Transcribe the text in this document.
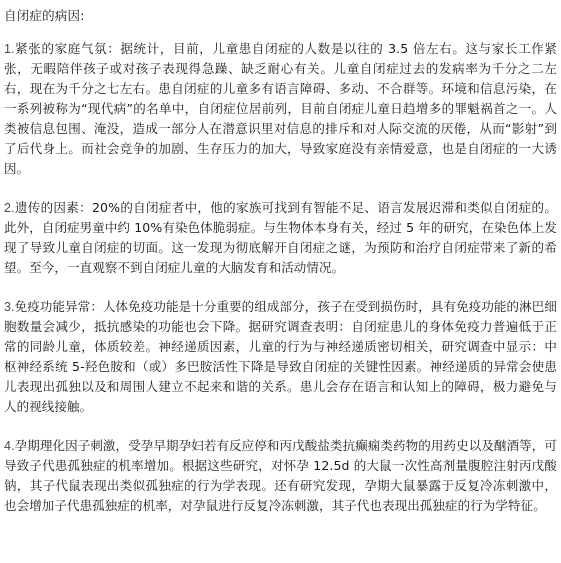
自闭症的病因:

1.紧张的家庭气氛：据统计，目前，儿童患自闭症的人数是以往的 3.5 倍左右。这与家长工作紧张，无暇陪伴孩子或对孩子表现得急躁、缺乏耐心有关。儿童自闭症过去的发病率为千分之二左右，现在为千分之七左右。患自闭症的儿童多有语言障碍、多动、不合群等。环境和信息污染，在一系列被称为“现代病”的名单中，自闭症位居前列，目前自闭症儿童日趋增多的罪魁祸首之一。人类被信息包围、淹没，造成一部分人在潜意识里对信息的排斥和对人际交流的厌倦，从而“影射”到了后代身上。而社会竞争的加剧、生存压力的加大，导致家庭没有亲情爱意，也是自闭症的一大诱因。

2.遗传的因素：20%的自闭症者中，他的家族可找到有智能不足、语言发展迟滞和类似自闭症的。此外，自闭症男童中约 10%有染色体脆弱症。与生物体本身有关，经过 5 年的研究，在染色体上发现了导致儿童自闭症的切面。这一发现为彻底解开自闭症之谜，为预防和治疗自闭症带来了新的希望。至今，一直观察不到自闭症儿童的大脑发育和活动情况。

3.免疫功能异常：人体免疫功能是十分重要的组成部分，孩子在受到损伤时，具有免疫功能的淋巴细胞数量会减少，抵抗感染的功能也会下降。据研究调查表明：自闭症患儿的身体免疫力普遍低于正常的同龄儿童，体质较差。神经递质因素，儿童的行为与神经递质密切相关，研究调查中显示：中枢神经系统 5-羟色胺和（或）多巴胺活性下降是导致自闭症的关键性因素。神经递质的异常会使患儿表现出孤独以及和周围人建立不起来和谐的关系。患儿会存在语言和认知上的障碍，极力避免与人的视线接触。

4.孕期理化因子刺激，受孕早期孕妇若有反应停和丙戊酸盐类抗癫痫类药物的用药史以及酗酒等，可导致子代患孤独症的机率增加。根据这些研究，对怀孕 12.5d 的大鼠一次性高剂量腹腔注射丙戊酸钠，其子代鼠表现出类似孤独症的行为学表现。还有研究发现，孕期大鼠暴露于反复冷冻刺激中，也会增加子代患孤独症的机率，对孕鼠进行反复冷冻刺激，其子代也表现出孤独症的行为学特征。
